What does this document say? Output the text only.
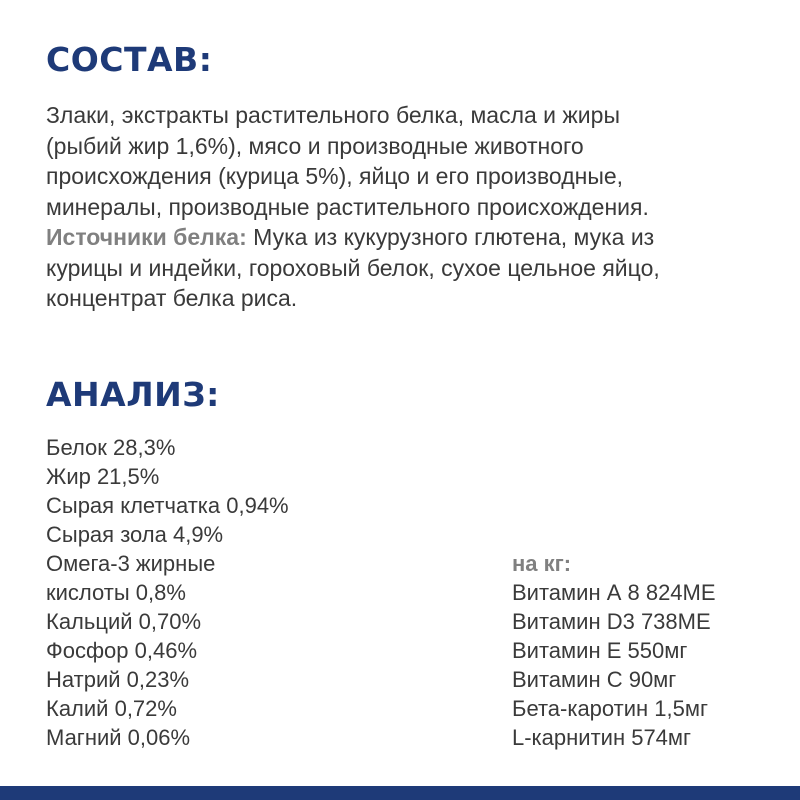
СОСТАВ:

Злаки, экстракты растительного белка, масла и жиры
(рыбий жир 1,6%), мясо и производные животного
происхождения (курица 5%), яйцо и его производные,
минералы, производные растительного происхождения.
Источники белка: Мука из кукурузного глютена, мука из
курицы и индейки, гороховый белок, сухое цельное яйцо,
концентрат белка риса.

АНАЛИЗ:
Белок 28,3%
Жир 21,5%
Сырая клетчатка 0,94%
Сырая зола 4,9%
Омега-3 жирные
кислоты 0,8%
Кальций 0,70%
Фосфор 0,46%
Натрий 0,23%
Калий 0,72%
Магний 0,06%
на кг:
Витамин А 8 824МЕ
Витамин D3 738МЕ
Витамин Е 550мг
Витамин С 90мг
Бета-каротин 1,5мг
L-карнитин 574мг
